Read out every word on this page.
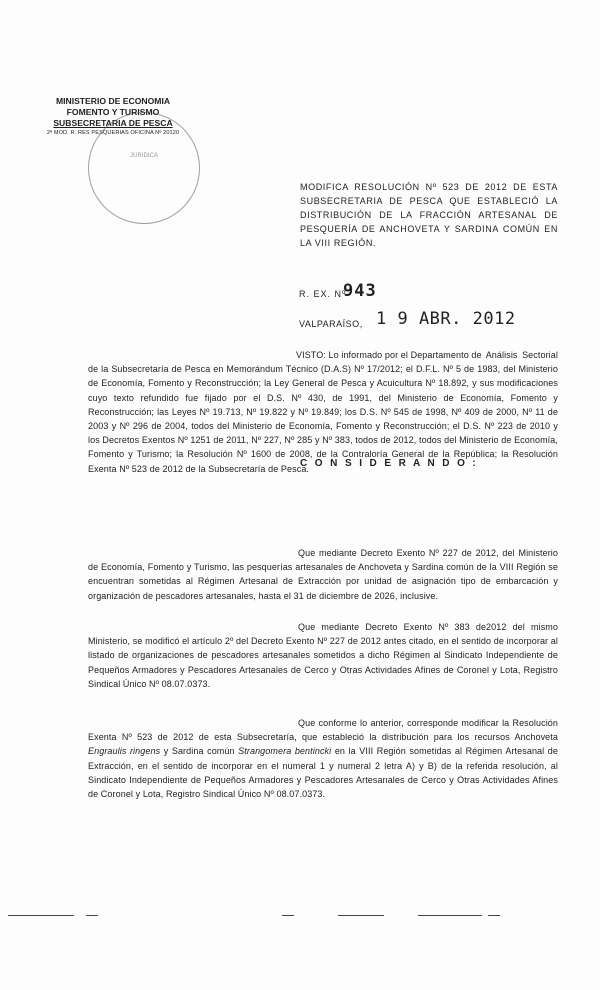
MINISTERIO DE ECONOMIA
FOMENTO Y TURISMO
SUBSECRETARIA DE PESCA
2ª MOD. R. RES PESQUERIAS OFICINA Nº 20120
JURIDICA
MODIFICA RESOLUCIÓN Nº 523 DE 2012 DE ESTA SUBSECRETARIA DE PESCA QUE ESTABLECIÓ LA DISTRIBUCIÓN DE LA FRACCIÓN ARTESANAL DE PESQUERÍA DE ANCHOVETA Y SARDINA COMÚN EN LA VIII REGIÓN.
R. EX. Nº
943
VALPARAÍSO, 1 9 ABR. 2012
VISTO: Lo informado por el Departamento de Análisis Sectorial de la Subsecretaría de Pesca en Memorándum Técnico (D.A.S) Nº 17/2012; el D.F.L. Nº 5 de 1983, del Ministerio de Economía, Fomento y Reconstrucción; la Ley General de Pesca y Acuicultura Nº 18.892, y sus modificaciones cuyo texto refundido fue fijado por el D.S. Nº 430, de 1991, del Ministerio de Economía, Fomento y Reconstrucción; las Leyes Nº 19.713, Nº 19.822 y Nº 19.849; los D.S. Nº 545 de 1998, Nº 409 de 2000, Nº 11 de 2003 y Nº 296 de 2004, todos del Ministerio de Economía, Fomento y Reconstrucción; el D.S. Nº 223 de 2010 y los Decretos Exentos Nº 1251 de 2011, Nº 227, Nº 285 y Nº 383, todos de 2012, todos del Ministerio de Economía, Fomento y Turismo; la Resolución Nº 1600 de 2008, de la Contraloría General de la República; la Resolución Exenta Nº 523 de 2012 de la Subsecretaría de Pesca.
C O N S I D E R A N D O :
Que mediante Decreto Exento Nº 227 de 2012, del Ministerio de Economía, Fomento y Turismo, las pesquerías artesanales de Anchoveta y Sardina común de la VIII Región se encuentran sometidas al Régimen Artesanal de Extracción por unidad de asignación tipo de embarcación y organización de pescadores artesanales, hasta el 31 de diciembre de 2026, inclusive.
Que mediante Decreto Exento Nº 383 de2012 del mismo Ministerio, se modificó el artículo 2º del Decreto Exento Nº 227 de 2012 antes citado, en el sentido de incorporar al listado de organizaciones de pescadores artesanales sometidos a dicho Régimen al Sindicato Independiente de Pequeños Armadores y Pescadores Artesanales de Cerco y Otras Actividades Afines de Coronel y Lota, Registro Sindical Único Nº 08.07.0373.
Que conforme lo anterior, corresponde modificar la Resolución Exenta Nº 523 de 2012 de esta Subsecretaría, que estableció la distribución para los recursos Anchoveta Engraulis ringens y Sardina común Strangomera bentincki en la VIII Región sometidas al Régimen Artesanal de Extracción, en el sentido de incorporar en el numeral 1 y numeral 2 letra A) y B) de la referida resolución, al Sindicato Independiente de Pequeños Armadores y Pescadores Artesanales de Cerco y Otras Actividades Afines de Coronel y Lota, Registro Sindical Único Nº 08.07.0373.
